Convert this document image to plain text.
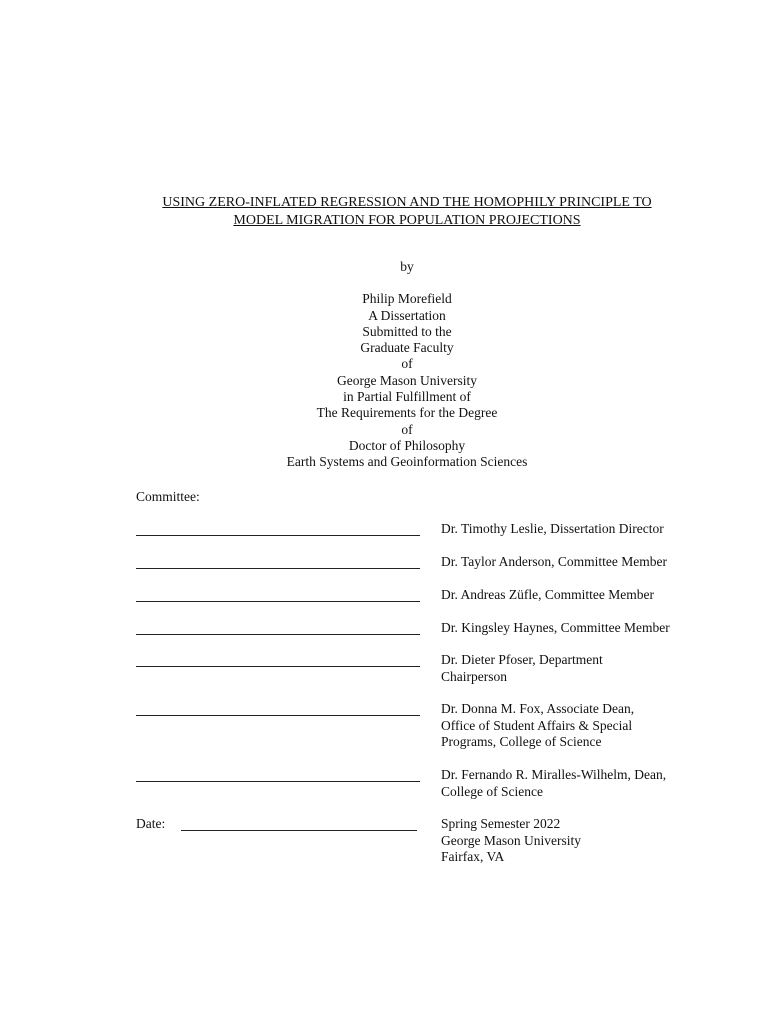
USING ZERO-INFLATED REGRESSION AND THE HOMOPHILY PRINCIPLE TO
MODEL MIGRATION FOR POPULATION PROJECTIONS
by
Philip Morefield
A Dissertation
Submitted to the
Graduate Faculty
of
George Mason University
in Partial Fulfillment of
The Requirements for the Degree
of
Doctor of Philosophy
Earth Systems and Geoinformation Sciences
Committee:
Dr. Timothy Leslie, Dissertation Director
Dr. Taylor Anderson, Committee Member
Dr. Andreas Züfle, Committee Member
Dr. Kingsley Haynes, Committee Member
Dr. Dieter Pfoser, Department
Chairperson
Dr. Donna M. Fox, Associate Dean,
Office of Student Affairs & Special
Programs, College of Science
Dr. Fernando R. Miralles-Wilhelm, Dean,
College of Science
Date:	Spring Semester 2022
George Mason University
Fairfax, VA
